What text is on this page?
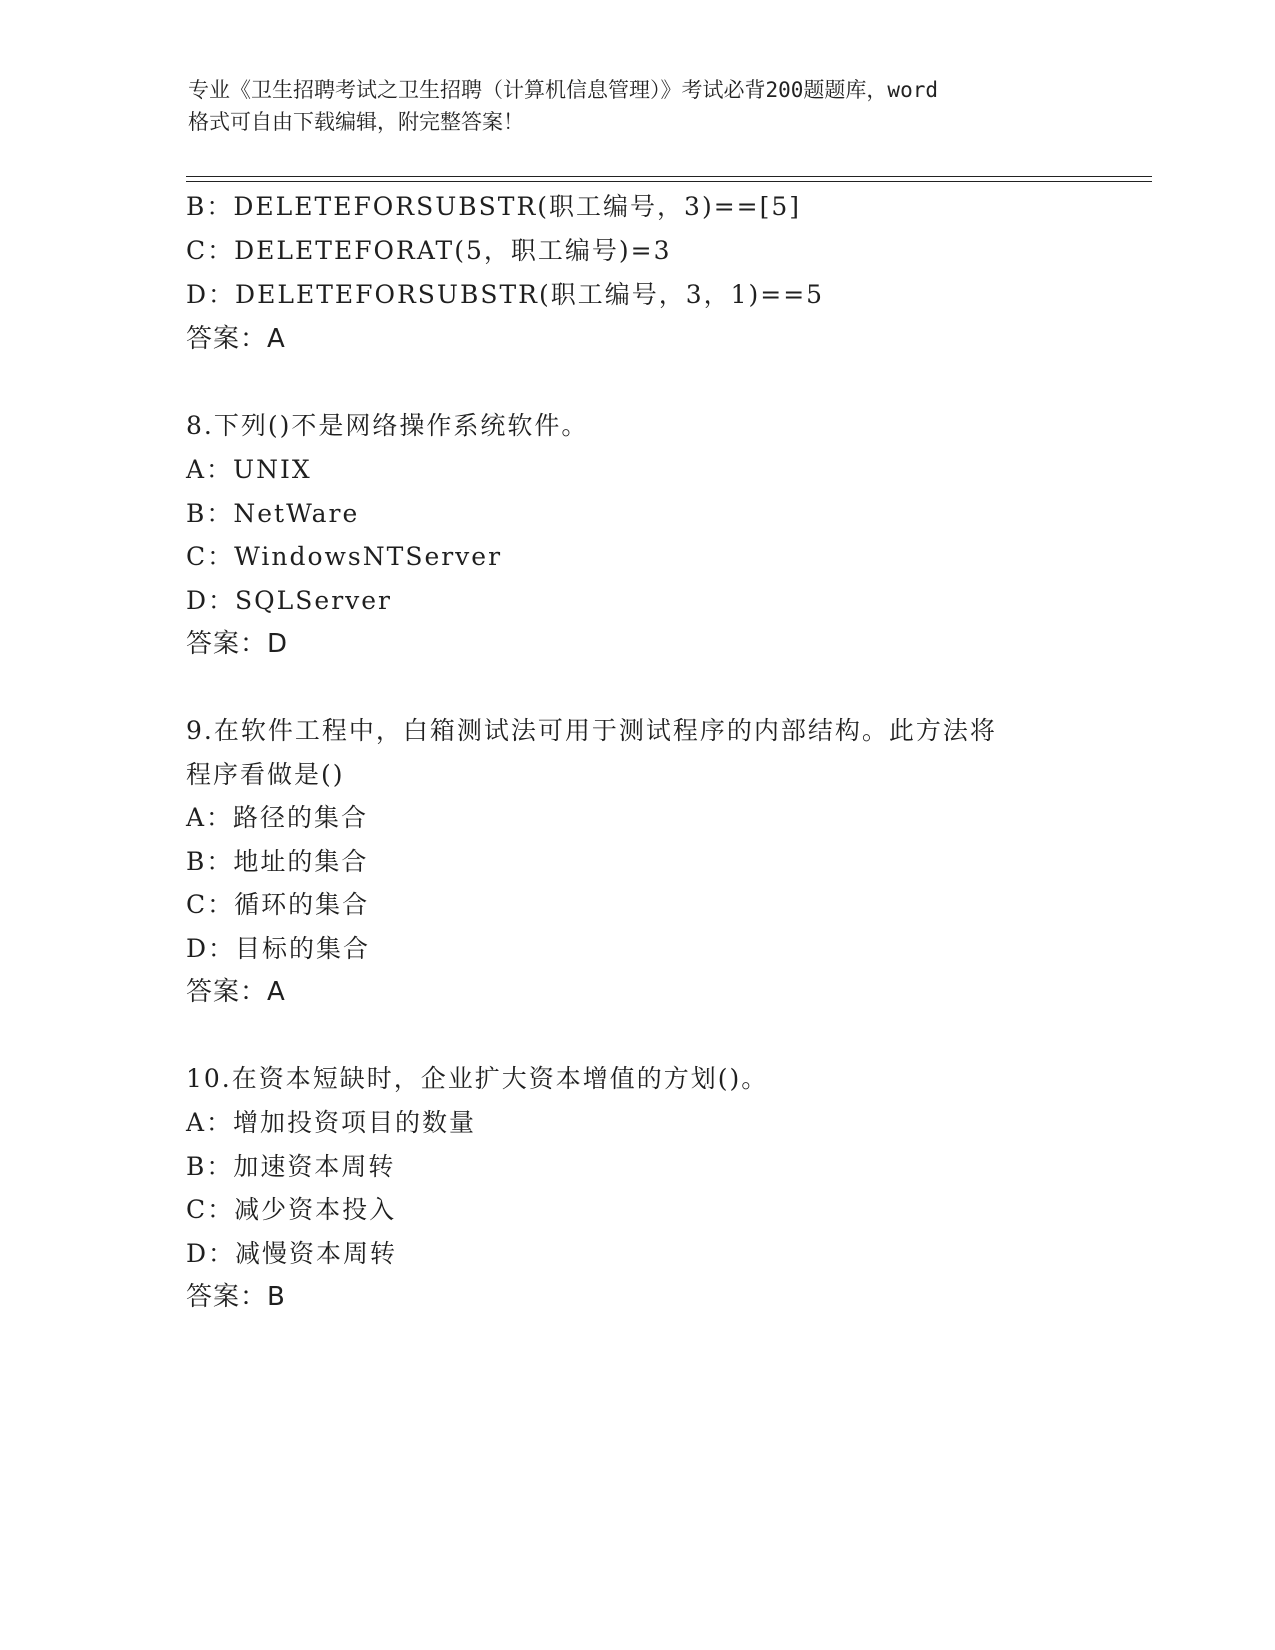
专业《卫生招聘考试之卫生招聘（计算机信息管理）》考试必背200题题库，word
格式可自由下载编辑，附完整答案！
B：DELETEFORSUBSTR(职工编号，3)==[5]
C：DELETEFORAT(5，职工编号)=3
D：DELETEFORSUBSTR(职工编号，3，1)==5
答案：A
8.下列()不是网络操作系统软件。
A：UNIX
B：NetWare
C：WindowsNTServer
D：SQLServer
答案：D
9.在软件工程中，白箱测试法可用于测试程序的内部结构。此方法将
程序看做是()
A：路径的集合
B：地址的集合
C：循环的集合
D：目标的集合
答案：A
10.在资本短缺时，企业扩大资本增值的方划()。
A：增加投资项目的数量
B：加速资本周转
C：减少资本投入
D：减慢资本周转
答案：B
